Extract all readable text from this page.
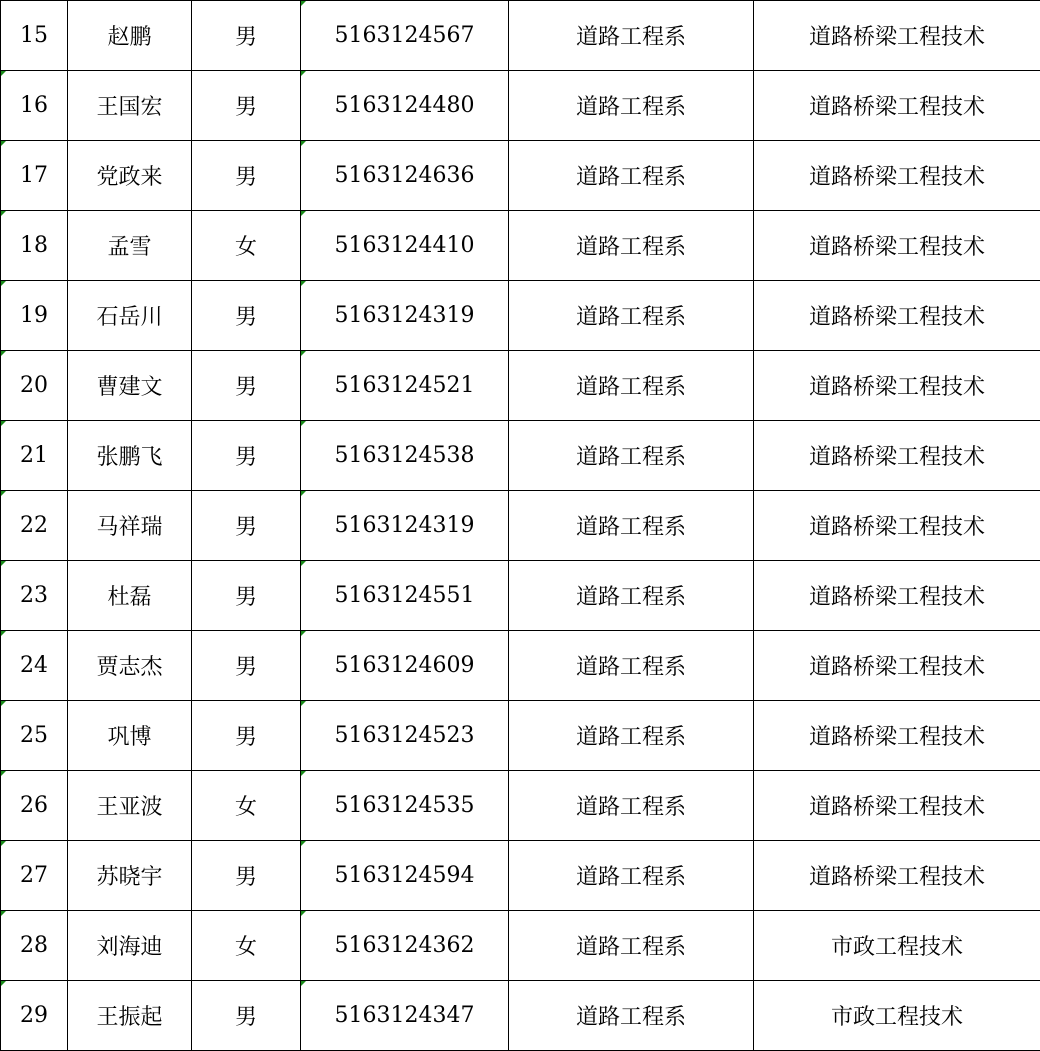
15	赵鹏	男	5163124567	道路工程系	道路桥梁工程技术
16	王国宏	男	5163124480	道路工程系	道路桥梁工程技术
17	党政来	男	5163124636	道路工程系	道路桥梁工程技术
18	孟雪	女	5163124410	道路工程系	道路桥梁工程技术
19	石岳川	男	5163124319	道路工程系	道路桥梁工程技术
20	曹建文	男	5163124521	道路工程系	道路桥梁工程技术
21	张鹏飞	男	5163124538	道路工程系	道路桥梁工程技术
22	马祥瑞	男	5163124319	道路工程系	道路桥梁工程技术
23	杜磊	男	5163124551	道路工程系	道路桥梁工程技术
24	贾志杰	男	5163124609	道路工程系	道路桥梁工程技术
25	巩博	男	5163124523	道路工程系	道路桥梁工程技术
26	王亚波	女	5163124535	道路工程系	道路桥梁工程技术
27	苏晓宇	男	5163124594	道路工程系	道路桥梁工程技术
28	刘海迪	女	5163124362	道路工程系	市政工程技术
29	王振起	男	5163124347	道路工程系	市政工程技术
